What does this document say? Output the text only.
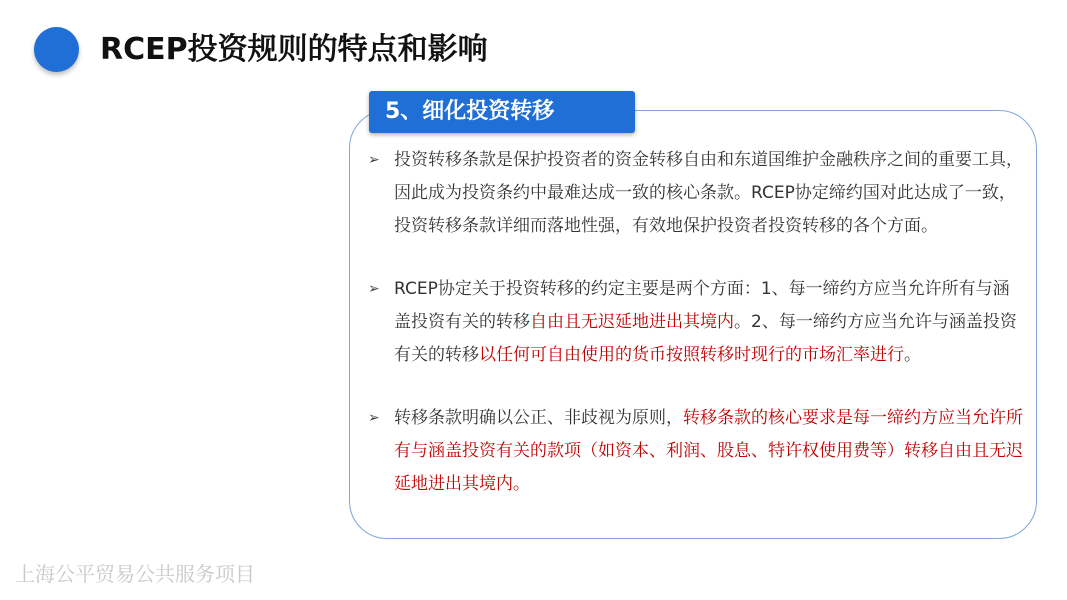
RCEP投资规则的特点和影响
5、细化投资转移
➢ 投资转移条款是保护投资者的资金转移自由和东道国维护金融秩序之间的重要工具，因此成为投资条约中最难达成一致的核心条款。RCEP协定缔约国对此达成了一致，投资转移条款详细而落地性强，有效地保护投资者投资转移的各个方面。
➢ RCEP协定关于投资转移的约定主要是两个方面：1、每一缔约方应当允许所有与涵盖投资有关的转移自由且无迟延地进出其境内。2、每一缔约方应当允许与涵盖投资有关的转移以任何可自由使用的货币按照转移时现行的市场汇率进行。
➢ 转移条款明确以公正、非歧视为原则，转移条款的核心要求是每一缔约方应当允许所有与涵盖投资有关的款项（如资本、利润、股息、特许权使用费等）转移自由且无迟延地进出其境内。
上海公平贸易公共服务项目
